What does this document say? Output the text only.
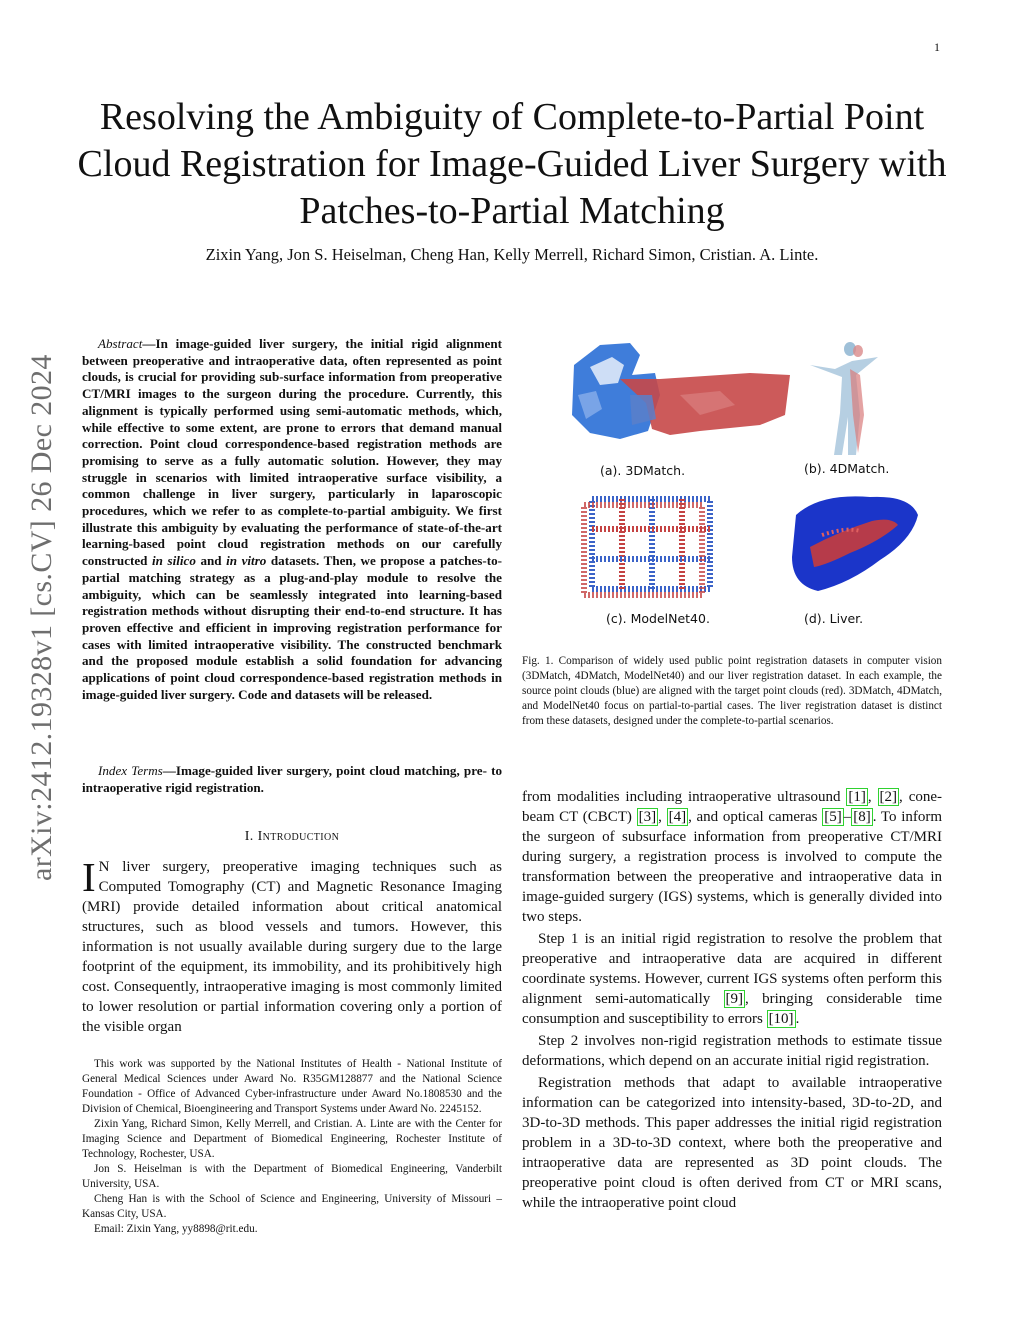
1
arXiv:2412.19328v1 [cs.CV] 26 Dec 2024
Resolving the Ambiguity of Complete-to-Partial Point Cloud Registration for Image-Guided Liver Surgery with Patches-to-Partial Matching
Zixin Yang, Jon S. Heiselman, Cheng Han, Kelly Merrell, Richard Simon, Cristian. A. Linte.
Abstract—In image-guided liver surgery, the initial rigid alignment between preoperative and intraoperative data, often represented as point clouds, is crucial for providing sub-surface information from preoperative CT/MRI images to the surgeon during the procedure. Currently, this alignment is typically performed using semi-automatic methods, which, while effective to some extent, are prone to errors that demand manual correction. Point cloud correspondence-based registration methods are promising to serve as a fully automatic solution. However, they may struggle in scenarios with limited intraoperative surface visibility, a common challenge in liver surgery, particularly in laparoscopic procedures, which we refer to as complete-to-partial ambiguity. We first illustrate this ambiguity by evaluating the performance of state-of-the-art learning-based point cloud registration methods on our carefully constructed in silico and in vitro datasets. Then, we propose a patches-to-partial matching strategy as a plug-and-play module to resolve the ambiguity, which can be seamlessly integrated into learning-based registration methods without disrupting their end-to-end structure. It has proven effective and efficient in improving registration performance for cases with limited intraoperative visibility. The constructed benchmark and the proposed module establish a solid foundation for advancing applications of point cloud correspondence-based registration methods in image-guided liver surgery. Code and datasets will be released.
Index Terms—Image-guided liver surgery, point cloud matching, pre- to intraoperative rigid registration.
I. Introduction
I N liver surgery, preoperative imaging techniques such as Computed Tomography (CT) and Magnetic Resonance Imaging (MRI) provide detailed information about critical anatomical structures, such as blood vessels and tumors. However, this information is not usually available during surgery due to the large footprint of the equipment, its immobility, and its prohibitively high cost. Consequently, intraoperative imaging is most commonly limited to lower resolution or partial information covering only a portion of the visible organ

This work was supported by the National Institutes of Health - National Institute of General Medical Sciences under Award No. R35GM128877 and the National Science Foundation - Office of Advanced Cyber-infrastructure under Award No.1808530 and the Division of Chemical, Bioengineering and Transport Systems under Award No. 2245152.

Zixin Yang, Richard Simon, Kelly Merrell, and Cristian. A. Linte are with the Center for Imaging Science and Department of Biomedical Engineering, Rochester Institute of Technology, Rochester, USA.

Jon S. Heiselman is with the Department of Biomedical Engineering, Vanderbilt University, USA.

Cheng Han is with the School of Science and Engineering, University of Missouri – Kansas City, USA.

Email: Zixin Yang, yy8898@rit.edu.

(a). 3DMatch.	(b). 4DMatch.
(c). ModelNet40.	(d). Liver.
Fig. 1. Comparison of widely used public point registration datasets in computer vision (3DMatch, 4DMatch, ModelNet40) and our liver registration dataset. In each example, the source point clouds (blue) are aligned with the target point clouds (red). 3DMatch, 4DMatch, and ModelNet40 focus on partial-to-partial cases. The liver registration dataset is distinct from these datasets, designed under the complete-to-partial scenarios.

from modalities including intraoperative ultrasound [1] , [2] , cone-beam CT (CBCT) [3] , [4] , and optical cameras [5] – [8] . To inform the surgeon of subsurface information from preoperative CT/MRI during surgery, a registration process is involved to compute the transformation between the preoperative and intraoperative data in image-guided surgery (IGS) systems, which is generally divided into two steps.

Step 1 is an initial rigid registration to resolve the problem that preoperative and intraoperative data are acquired in different coordinate systems. However, current IGS systems often perform this alignment semi-automatically [9] , bringing considerable time consumption and susceptibility to errors [10] .

Step 2 involves non-rigid registration methods to estimate tissue deformations, which depend on an accurate initial rigid registration.

Registration methods that adapt to available intraoperative information can be categorized into intensity-based, 3D-to-2D, and 3D-to-3D methods. This paper addresses the initial rigid registration problem in a 3D-to-3D context, where both the preoperative and intraoperative data are represented as 3D point clouds. The preoperative point cloud is often derived from CT or MRI scans, while the intraoperative point cloud
